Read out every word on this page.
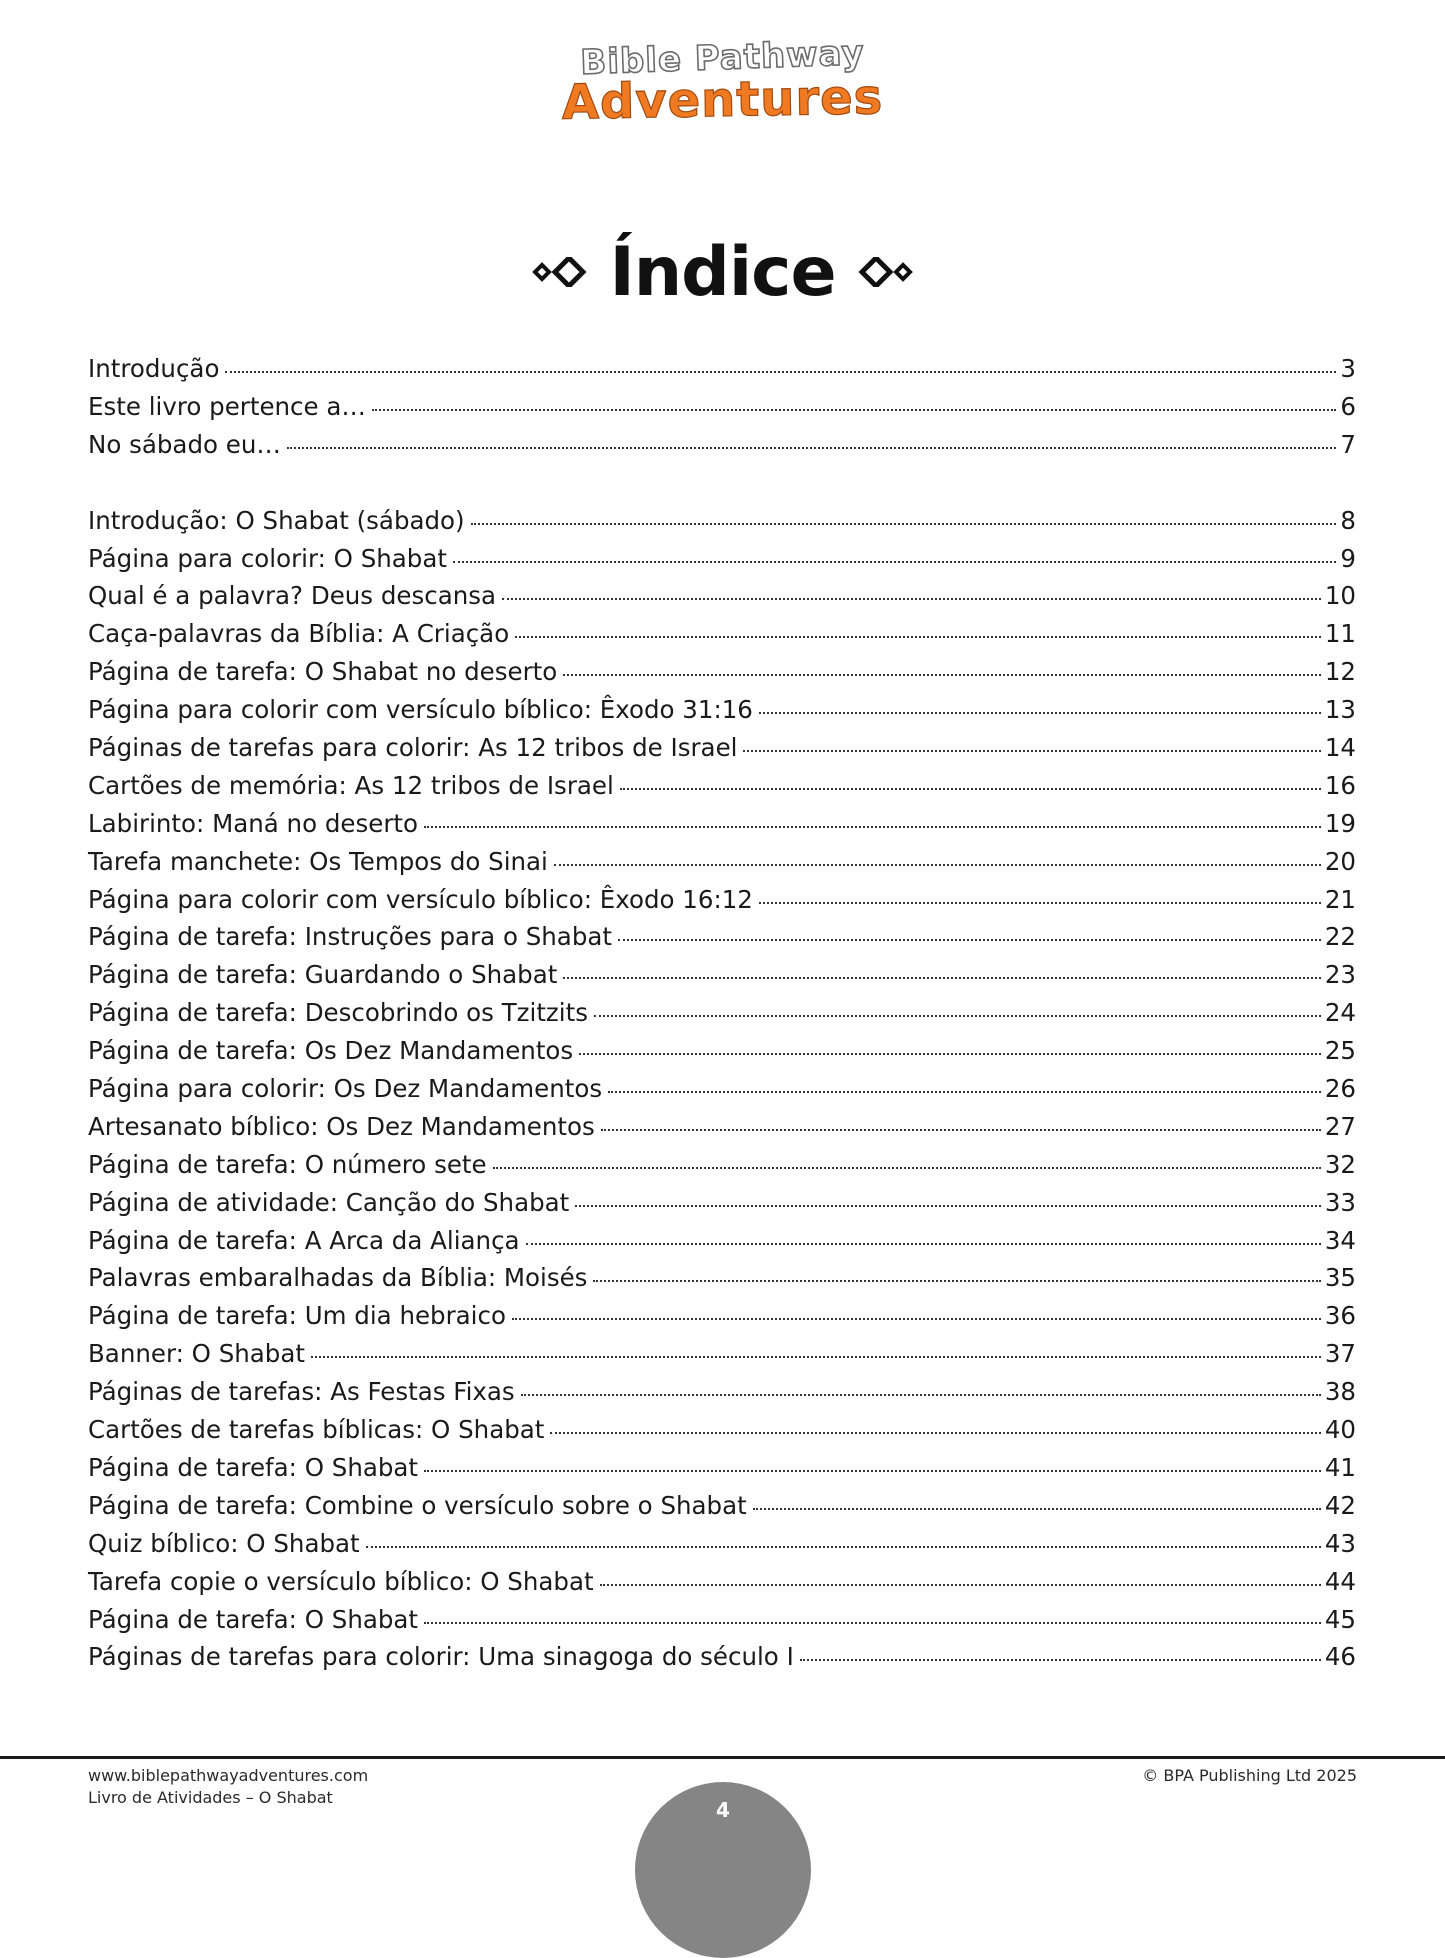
Bible Pathway
Adventures
Índice
Introdução	3
Este livro pertence a…	6
No sábado eu…	7
Introdução: O Shabat (sábado)	8
Página para colorir: O Shabat	9
Qual é a palavra? Deus descansa	10
Caça-palavras da Bíblia: A Criação	11
Página de tarefa: O Shabat no deserto	12
Página para colorir com versículo bíblico: Êxodo 31:16	13
Páginas de tarefas para colorir: As 12 tribos de Israel	14
Cartões de memória: As 12 tribos de Israel	16
Labirinto: Maná no deserto	19
Tarefa manchete: Os Tempos do Sinai	20
Página para colorir com versículo bíblico: Êxodo 16:12	21
Página de tarefa: Instruções para o Shabat	22
Página de tarefa: Guardando o Shabat	23
Página de tarefa: Descobrindo os Tzitzits	24
Página de tarefa: Os Dez Mandamentos	25
Página para colorir: Os Dez Mandamentos	26
Artesanato bíblico: Os Dez Mandamentos	27
Página de tarefa: O número sete	32
Página de atividade: Canção do Shabat	33
Página de tarefa: A Arca da Aliança	34
Palavras embaralhadas da Bíblia: Moisés	35
Página de tarefa: Um dia hebraico	36
Banner: O Shabat	37
Páginas de tarefas: As Festas Fixas	38
Cartões de tarefas bíblicas: O Shabat	40
Página de tarefa: O Shabat	41
Página de tarefa: Combine o versículo sobre o Shabat	42
Quiz bíblico: O Shabat	43
Tarefa copie o versículo bíblico: O Shabat	44
Página de tarefa: O Shabat	45
Páginas de tarefas para colorir: Uma sinagoga do século I	46
www.biblepathwayadventures.com
Livro de Atividades – O Shabat
© BPA Publishing Ltd 2025
4
